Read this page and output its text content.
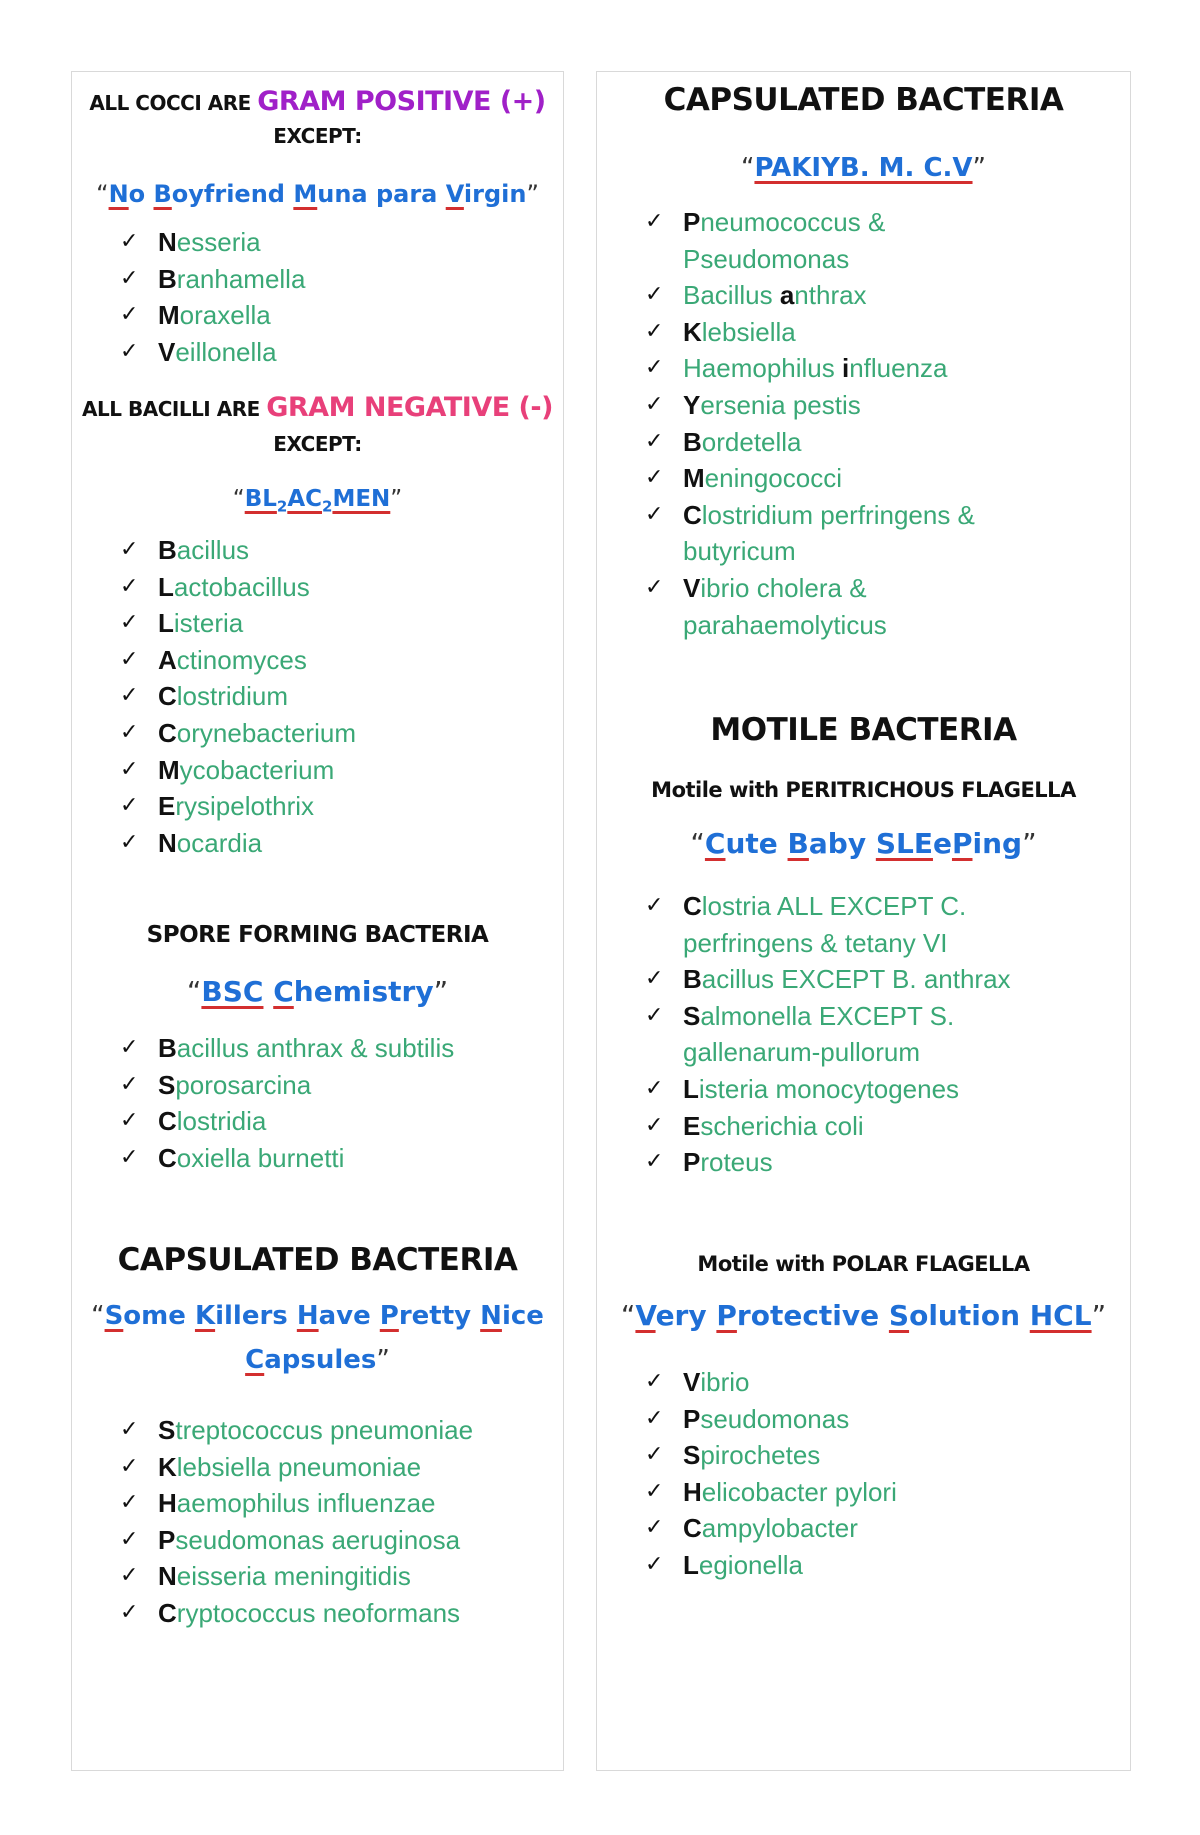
ALL COCCI ARE GRAM POSITIVE (+)
EXCEPT:
“No Boyfriend Muna para Virgin”
✓ Nesseria
✓ Branhamella
✓ Moraxella
✓ Veillonella
ALL BACILLI ARE GRAM NEGATIVE (-)
EXCEPT:
“$BL_2AC_2MEN$”
✓ Bacillus
✓ Lactobacillus
✓ Listeria
✓ Actinomyces
✓ Clostridium
✓ Corynebacterium
✓ Mycobacterium
✓ Erysipelothrix
✓ Nocardia
SPORE FORMING BACTERIA
“BSC Chemistry”
✓ Bacillus anthrax & subtilis
✓ Sporosarcina
✓ Clostridia
✓ Coxiella burnetti
CAPSULATED BACTERIA
“Some Killers Have Pretty Nice Capsules”
✓ Streptococcus pneumoniae
✓ Klebsiella pneumoniae
✓ Haemophilus influenzae
✓ Pseudomonas aeruginosa
✓ Neisseria meningitidis
✓ Cryptococcus neoformans
CAPSULATED BACTERIA
“PAKIYB. M. C.V”
✓ Pneumococcus &
Pseudomonas
✓ Bacillus anthrax
✓ Klebsiella
✓ Haemophilus influenza
✓ Yersenia pestis
✓ Bordetella
✓ Meningococci
✓ Clostridium perfringens &
butyricum
✓ Vibrio cholera &
parahaemolyticus
MOTILE BACTERIA
Motile with PERITRICHOUS FLAGELLA
“Cute Baby SLEePing”
✓ Clostria ALL EXCEPT C.
perfringens & tetany VI
✓ Bacillus EXCEPT B. anthrax
✓ Salmonella EXCEPT S.
gallenarum-pullorum
✓ Listeria monocytogenes
✓ Escherichia coli
✓ Proteus
Motile with POLAR FLAGELLA
“Very Protective Solution HCL”
✓ Vibrio
✓ Pseudomonas
✓ Spirochetes
✓ Helicobacter pylori
✓ Campylobacter
✓ Legionella
